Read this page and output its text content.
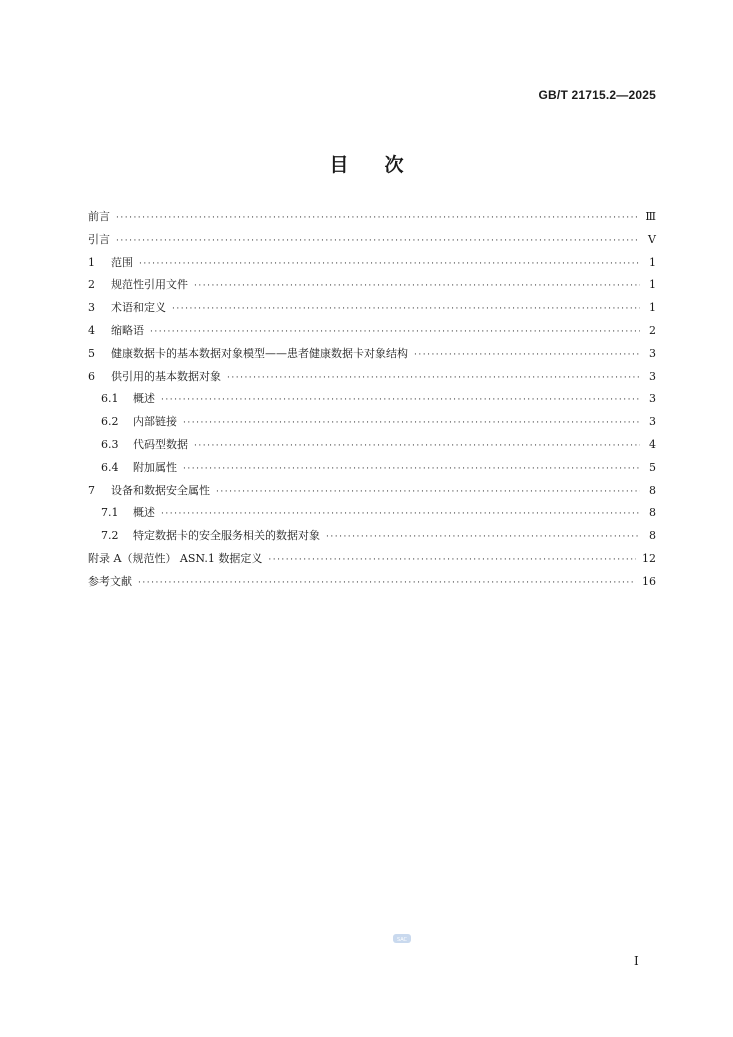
GB/T 21715.2—2025
目次
前言 ·····	Ⅲ
引言 ·····	Ⅴ
1	范围 ·····	1
2	规范性引用文件 ·····	1
3	术语和定义 ·····	1
4	缩略语 ·····	2
5	健康数据卡的基本数据对象模型——患者健康数据卡对象结构 ·····	3
6	供引用的基本数据对象 ·····	3
6.1	概述 ·····	3
6.2	内部链接 ·····	3
6.3	代码型数据 ·····	4
6.4	附加属性 ·····	5
7	设备和数据安全属性 ·····	8
7.1	概述 ·····	8
7.2	特定数据卡的安全服务相关的数据对象 ·····	8
附录 A（规范性） ASN.1 数据定义 ·····	12
参考文献 ·····	16
SAC
I
